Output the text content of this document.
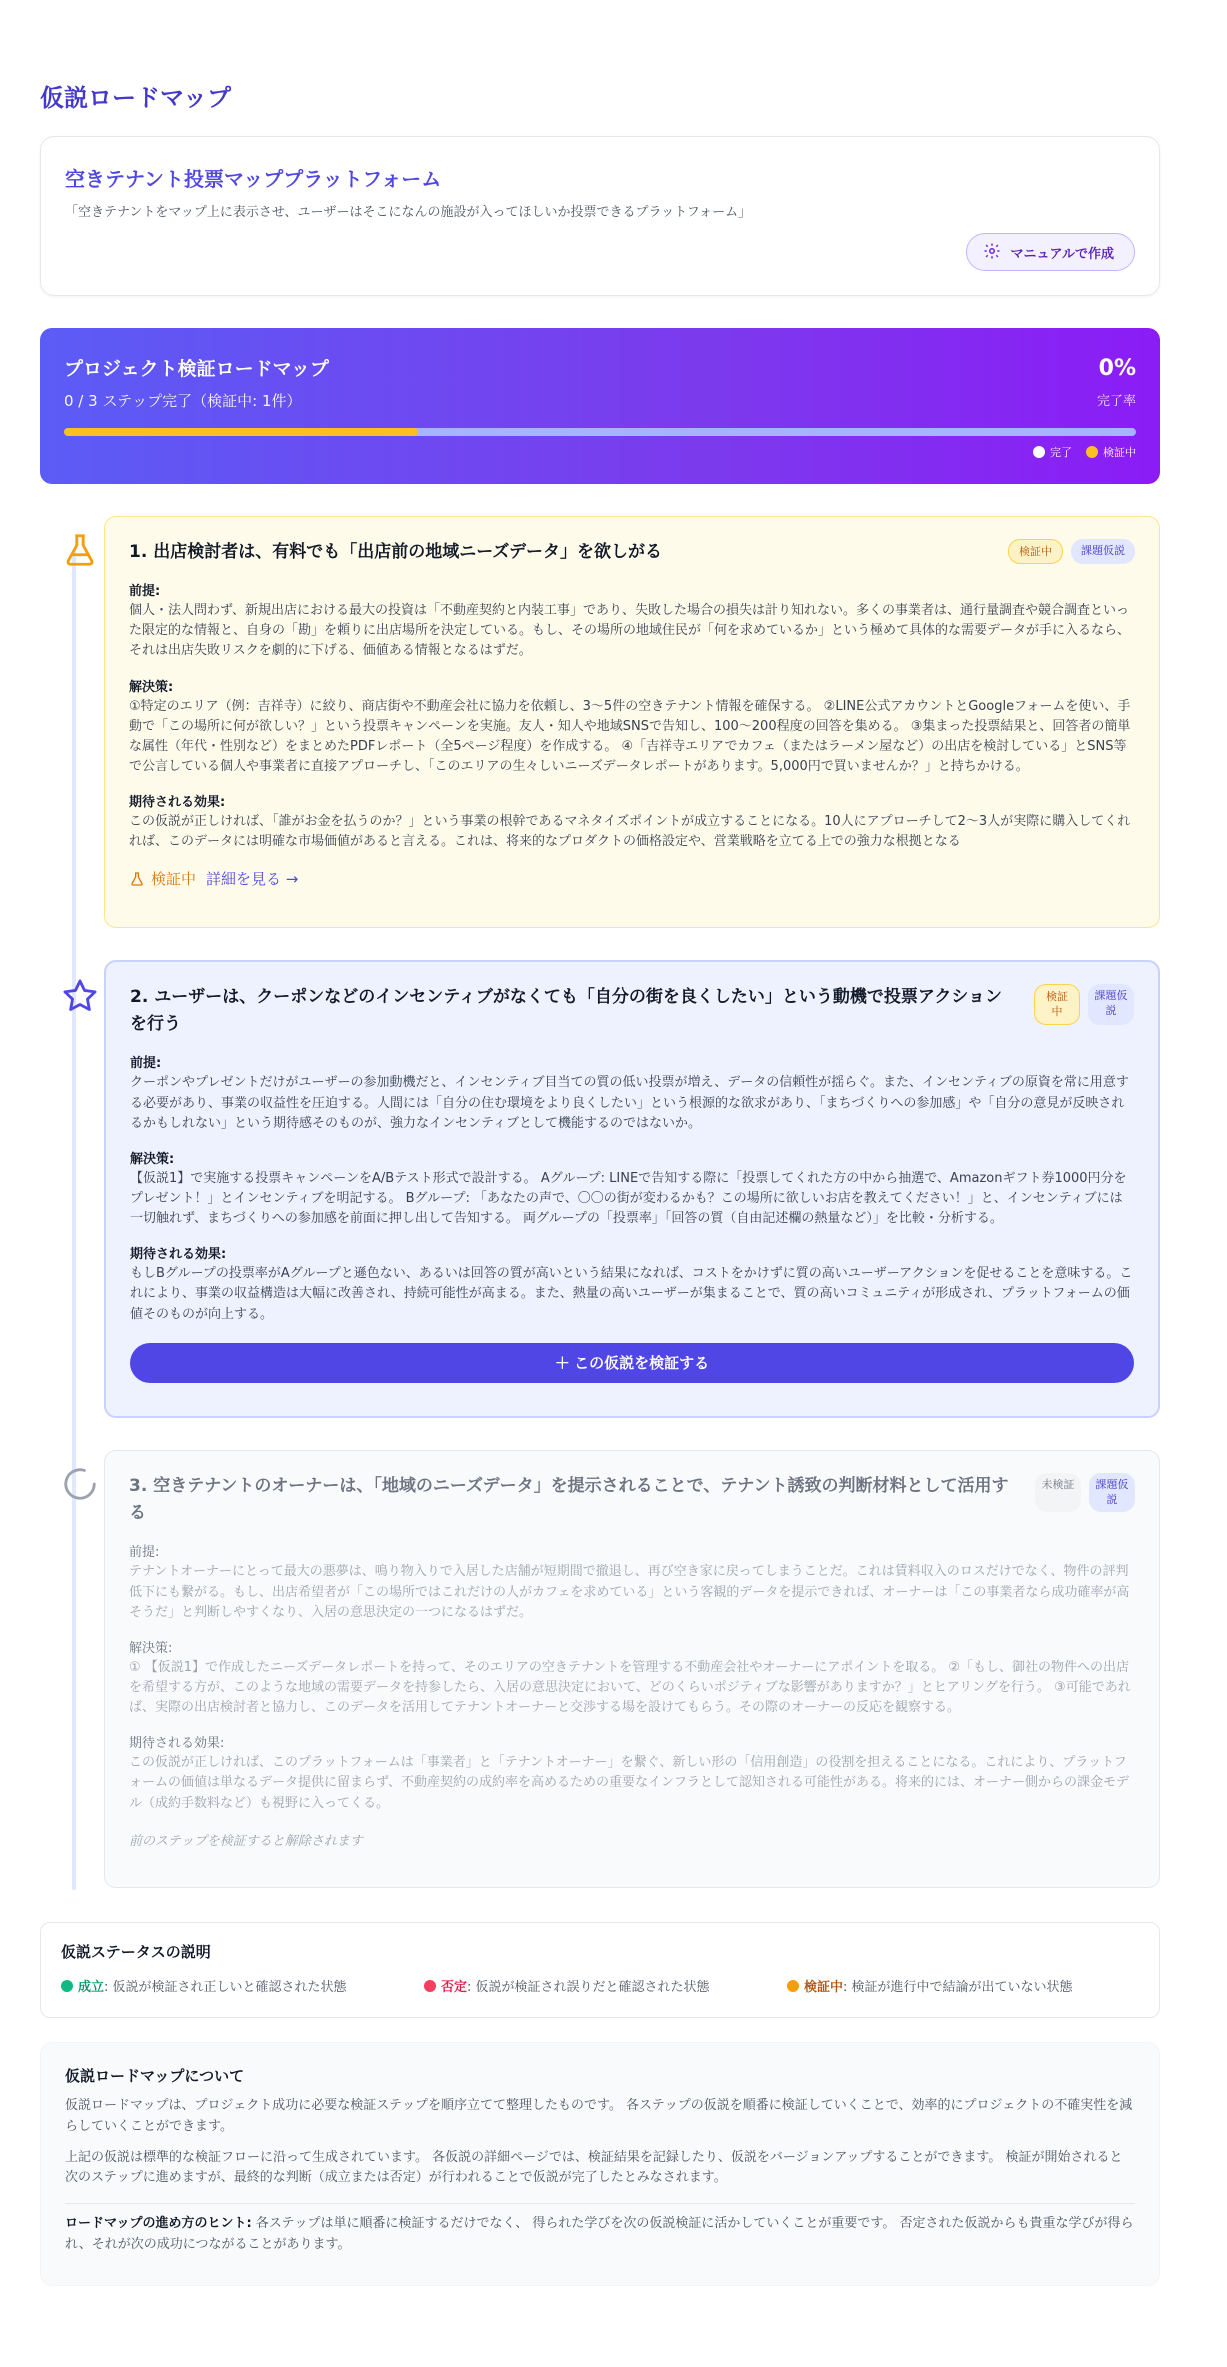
仮説ロードマップ
空きテナント投票マッププラットフォーム
「空きテナントをマップ上に表示させ、ユーザーはそこになんの施設が入ってほしいか投票できるプラットフォーム」
マニュアルで作成
プロジェクト検証ロードマップ
0 / 3 ステップ完了（検証中: 1件）
0%
完了率
完了	検証中
1. 出店検討者は、有料でも「出店前の地域ニーズデータ」を欲しがる	検証中	課題仮説
前提:
個人・法人問わず、新規出店における最大の投資は「不動産契約と内装工事」であり、失敗した場合の損失は計り知れない。多くの事業者は、通行量調査や競合調査といった限定的な情報と、自身の「勘」を頼りに出店場所を決定している。もし、その場所の地域住民が「何を求めているか」という極めて具体的な需要データが手に入るなら、それは出店失敗リスクを劇的に下げる、価値ある情報となるはずだ。
解決策:
①特定のエリア（例：吉祥寺）に絞り、商店街や不動産会社に協力を依頼し、3〜5件の空きテナント情報を確保する。 ②LINE公式アカウントとGoogleフォームを使い、手動で「この場所に何が欲しい？」という投票キャンペーンを実施。友人・知人や地域SNSで告知し、100〜200程度の回答を集める。 ③集まった投票結果と、回答者の簡単な属性（年代・性別など）をまとめたPDFレポート（全5ページ程度）を作成する。 ④「吉祥寺エリアでカフェ（またはラーメン屋など）の出店を検討している」とSNS等で公言している個人や事業者に直接アプローチし、「このエリアの生々しいニーズデータレポートがあります。5,000円で買いませんか？」と持ちかける。
期待される効果:
この仮説が正しければ、「誰がお金を払うのか？」という事業の根幹であるマネタイズポイントが成立することになる。10人にアプローチして2〜3人が実際に購入してくれれば、このデータには明確な市場価値があると言える。これは、将来的なプロダクトの価格設定や、営業戦略を立てる上での強力な根拠となる
検証中 詳細を見る →
2. ユーザーは、クーポンなどのインセンティブがなくても「自分の街を良くしたい」という動機で投票アクションを行う
検証中
課題仮説
前提:
クーポンやプレゼントだけがユーザーの参加動機だと、インセンティブ目当ての質の低い投票が増え、データの信頼性が揺らぐ。また、インセンティブの原資を常に用意する必要があり、事業の収益性を圧迫する。人間には「自分の住む環境をより良くしたい」という根源的な欲求があり、「まちづくりへの参加感」や「自分の意見が反映されるかもしれない」という期待感そのものが、強力なインセンティブとして機能するのではないか。
解決策:
【仮説1】で実施する投票キャンペーンをA/Bテスト形式で設計する。 Aグループ: LINEで告知する際に「投票してくれた方の中から抽選で、Amazonギフト券1000円分をプレゼント！」とインセンティブを明記する。 Bグループ: 「あなたの声で、〇〇の街が変わるかも？この場所に欲しいお店を教えてください！」と、インセンティブには一切触れず、まちづくりへの参加感を前面に押し出して告知する。 両グループの「投票率」「回答の質（自由記述欄の熱量など）」を比較・分析する。
期待される効果:
もしBグループの投票率がAグループと遜色ない、あるいは回答の質が高いという結果になれば、コストをかけずに質の高いユーザーアクションを促せることを意味する。これにより、事業の収益構造は大幅に改善され、持続可能性が高まる。また、熱量の高いユーザーが集まることで、質の高いコミュニティが形成され、プラットフォームの価値そのものが向上する。
＋ この仮説を検証する
3. 空きテナントのオーナーは、「地域のニーズデータ」を提示されることで、テナント誘致の判断材料として活用する
未検証	課題仮説
前提:
テナントオーナーにとって最大の悪夢は、鳴り物入りで入居した店舗が短期間で撤退し、再び空き家に戻ってしまうことだ。これは賃料収入のロスだけでなく、物件の評判低下にも繋がる。もし、出店希望者が「この場所ではこれだけの人がカフェを求めている」という客観的データを提示できれば、オーナーは「この事業者なら成功確率が高そうだ」と判断しやすくなり、入居の意思決定の一つになるはずだ。
解決策:
① 【仮説1】で作成したニーズデータレポートを持って、そのエリアの空きテナントを管理する不動産会社やオーナーにアポイントを取る。 ②「もし、御社の物件への出店を希望する方が、このような地域の需要データを持参したら、入居の意思決定において、どのくらいポジティブな影響がありますか？」とヒアリングを行う。 ③可能であれば、実際の出店検討者と協力し、このデータを活用してテナントオーナーと交渉する場を設けてもらう。その際のオーナーの反応を観察する。
期待される効果:
この仮説が正しければ、このプラットフォームは「事業者」と「テナントオーナー」を繋ぐ、新しい形の「信用創造」の役割を担えることになる。これにより、プラットフォームの価値は単なるデータ提供に留まらず、不動産契約の成約率を高めるための重要なインフラとして認知される可能性がある。将来的には、オーナー側からの課金モデル（成約手数料など）も視野に入ってくる。
前のステップを検証すると解除されます
仮説ステータスの説明
成立 : 仮説が検証され正しいと確認された状態	否定 : 仮説が検証され誤りだと確認された状態	検証中 : 検証が進行中で結論が出ていない状態
仮説ロードマップについて
仮説ロードマップは、プロジェクト成功に必要な検証ステップを順序立てて整理したものです。 各ステップの仮説を順番に検証していくことで、効率的にプロジェクトの不確実性を減らしていくことができます。
上記の仮説は標準的な検証フローに沿って生成されています。 各仮説の詳細ページでは、検証結果を記録したり、仮説をバージョンアップすることができます。 検証が開始されると次のステップに進めますが、最終的な判断（成立または否定）が行われることで仮説が完了したとみなされます。
ロードマップの進め方のヒント: 各ステップは単に順番に検証するだけでなく、 得られた学びを次の仮説検証に活かしていくことが重要です。 否定された仮説からも貴重な学びが得られ、それが次の成功につながることがあります。
